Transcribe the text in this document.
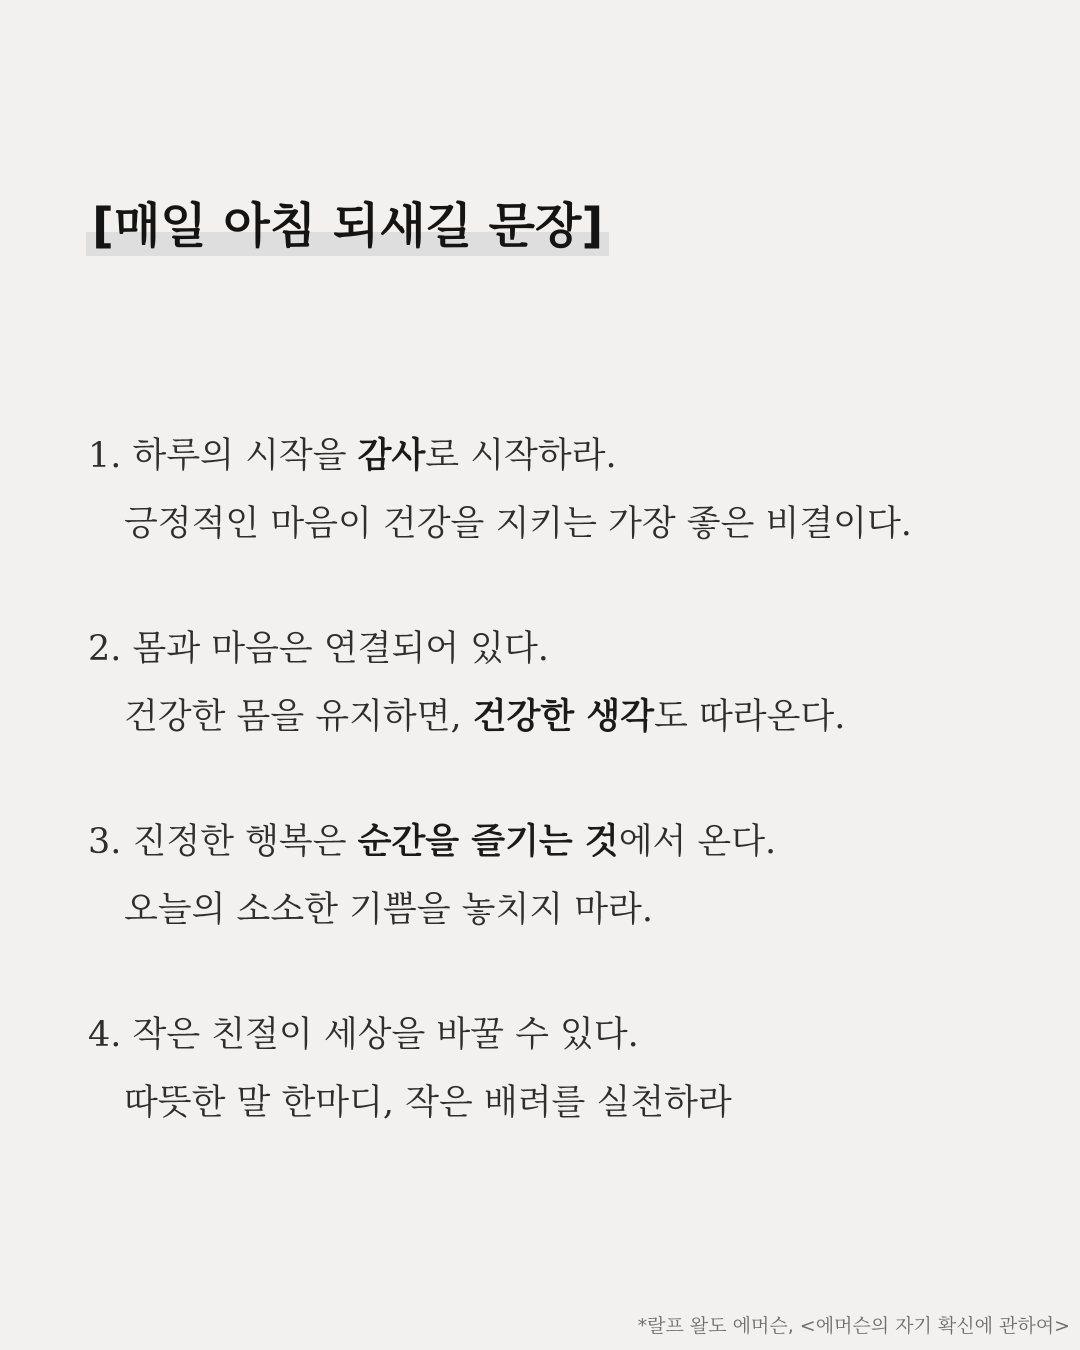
[매일 아침 되새길 문장]
1. 하루의 시작을 감사로 시작하라.
긍정적인 마음이 건강을 지키는 가장 좋은 비결이다.
2. 몸과 마음은 연결되어 있다.
건강한 몸을 유지하면, 건강한 생각도 따라온다.
3. 진정한 행복은 순간을 즐기는 것에서 온다.
오늘의 소소한 기쁨을 놓치지 마라.
4. 작은 친절이 세상을 바꿀 수 있다.
따뜻한 말 한마디, 작은 배려를 실천하라
*랄프 왈도 에머슨, <에머슨의 자기 확신에 관하여>
